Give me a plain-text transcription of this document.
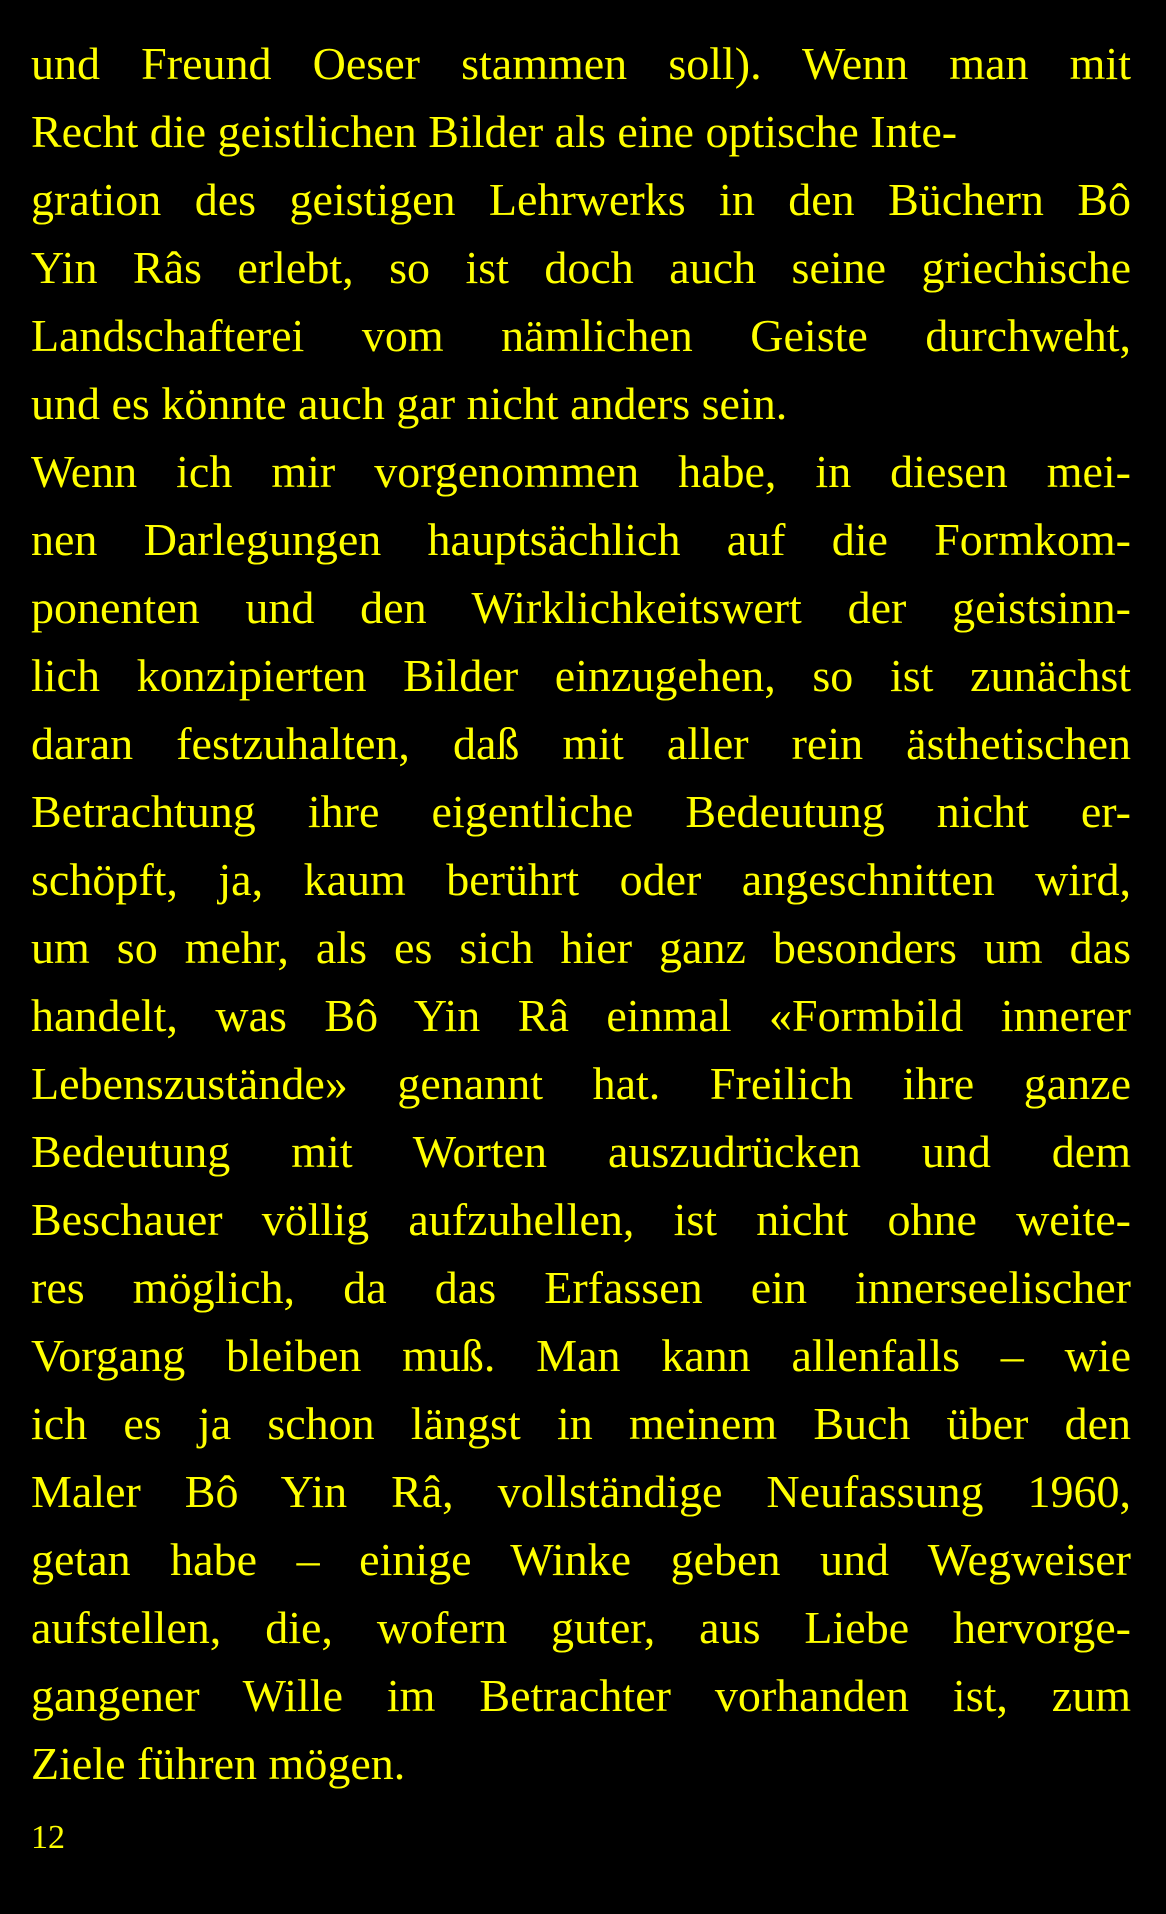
und Freund Oeser stammen soll). Wenn man mit
Recht die geistlichen Bilder als eine optische Inte-
gration des geistigen Lehrwerks in den Büchern Bô
Yin Râs erlebt, so ist doch auch seine griechische
Landschafterei vom nämlichen Geiste durchweht,
und es könnte auch gar nicht anders sein.
Wenn ich mir vorgenommen habe, in diesen mei-
nen Darlegungen hauptsächlich auf die Formkom-
ponenten und den Wirklichkeitswert der geistsinn-
lich konzipierten Bilder einzugehen, so ist zunächst
daran festzuhalten, daß mit aller rein ästhetischen
Betrachtung ihre eigentliche Bedeutung nicht er-
schöpft, ja, kaum berührt oder angeschnitten wird,
um so mehr, als es sich hier ganz besonders um das
handelt, was Bô Yin Râ einmal «Formbild innerer
Lebenszustände» genannt hat. Freilich ihre ganze
Bedeutung mit Worten auszudrücken und dem
Beschauer völlig aufzuhellen, ist nicht ohne weite-
res möglich, da das Erfassen ein innerseelischer
Vorgang bleiben muß. Man kann allenfalls – wie
ich es ja schon längst in meinem Buch über den
Maler Bô Yin Râ, vollständige Neufassung 1960,
getan habe – einige Winke geben und Wegweiser
aufstellen, die, wofern guter, aus Liebe hervorge-
gangener Wille im Betrachter vorhanden ist, zum
Ziele führen mögen.
12
